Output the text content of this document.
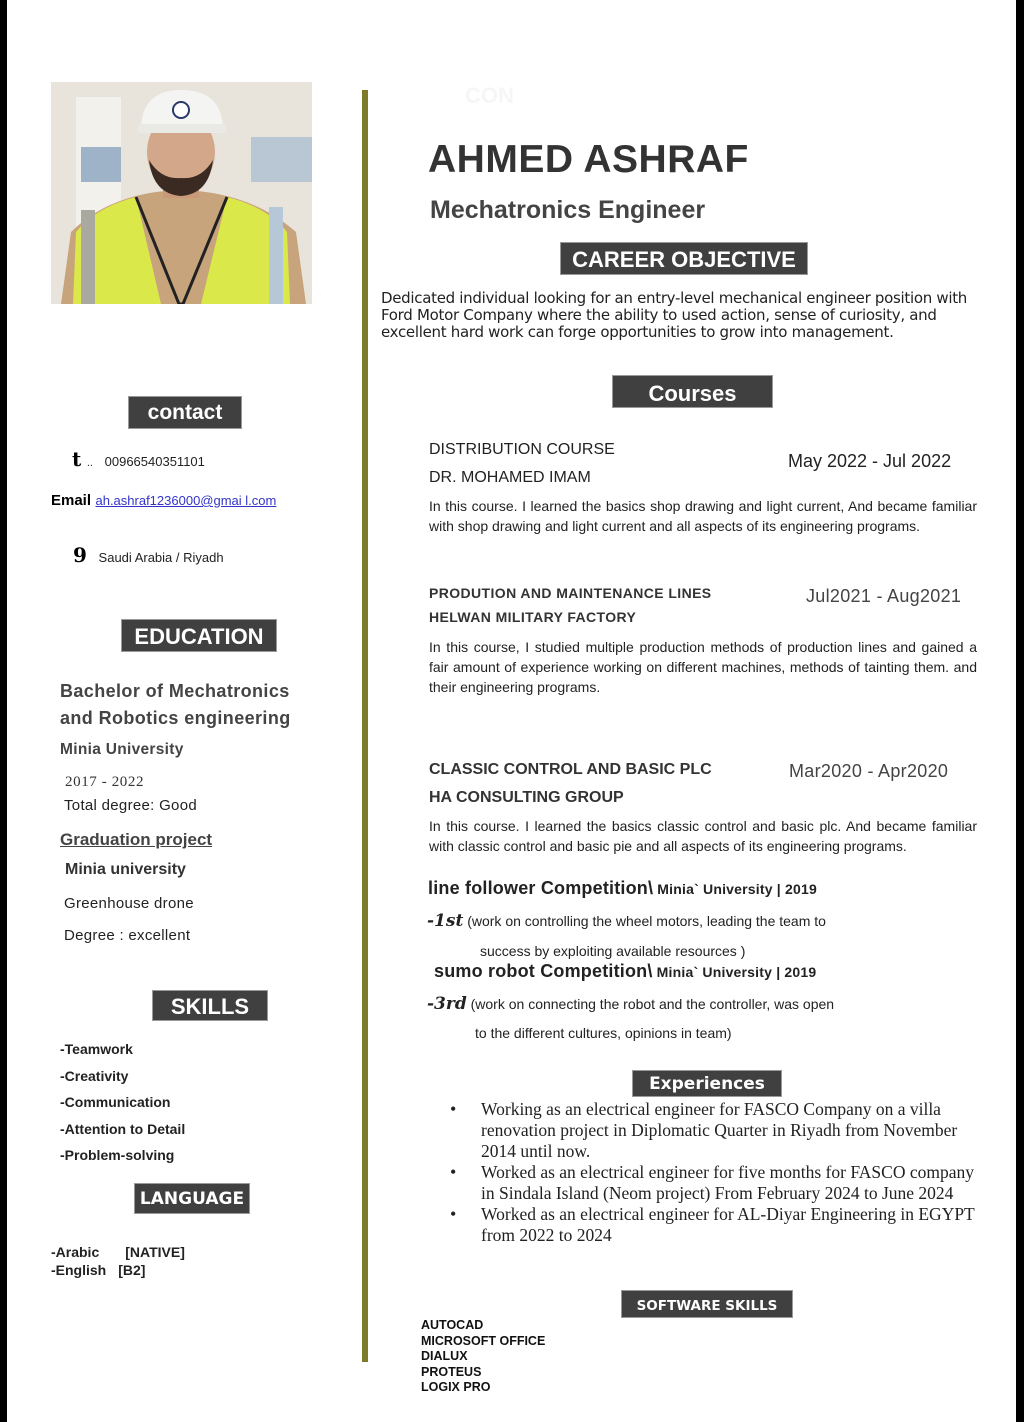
CON
AHMED ASHRAF
Mechatronics Engineer
CAREER OBJECTIVE
Dedicated individual looking for an entry-level mechanical engineer position with Ford Motor Company where the ability to used action, sense of curiosity, and excellent hard work can forge opportunities to grow into management.
contact
t .. 00966540351101
Email ah.ashraf1236000@gmai l.com
9 Saudi Arabia / Riyadh
EDUCATION
Bachelor of Mechatronics
and Robotics engineering
Minia University
2017 - 2022
Total degree: Good
Graduation project
Minia university
Greenhouse drone
Degree : excellent
SKILLS
-Teamwork
-Creativity
-Communication
-Attention to Detail
-Problem-solving
LANGUAGE
-Arabic [NATIVE]
-English [B2]
Courses
DISTRIBUTION COURSE
DR. MOHAMED IMAM
May 2022 - Jul 2022
In this course. I learned the basics shop drawing and light current, And became familiar with shop drawing and light current and all aspects of its engineering programs.
PRODUTION AND MAINTENANCE LINES
HELWAN MILITARY FACTORY
Jul2021 - Aug2021
In this course, I studied multiple production methods of production lines and gained a fair amount of experience working on different machines, methods of tainting them. and their engineering programs.
CLASSIC CONTROL AND BASIC PLC
HA CONSULTING GROUP
Mar2020 - Apr2020
In this course. I learned the basics classic control and basic plc. And became familiar with classic control and basic pie and all aspects of its engineering programs.
line follower Competition\ Minia` University | 2019
-1st (work on controlling the wheel motors, leading the team to
success by exploiting available resources )
sumo robot Competition\ Minia` University | 2019
-3rd (work on connecting the robot and the controller, was open
to the different cultures, opinions in team)
Experiences
• Working as an electrical engineer for FASCO Company on a villa renovation project in Diplomatic Quarter in Riyadh from November 2014 until now.
• Worked as an electrical engineer for five months for FASCO company in Sindala Island (Neom project) From February 2024 to June 2024
• Worked as an electrical engineer for AL-Diyar Engineering in EGYPT from 2022 to 2024
SOFTWARE SKILLS
AUTOCAD
MICROSOFT OFFICE
DIALUX
PROTEUS
LOGIX PRO
